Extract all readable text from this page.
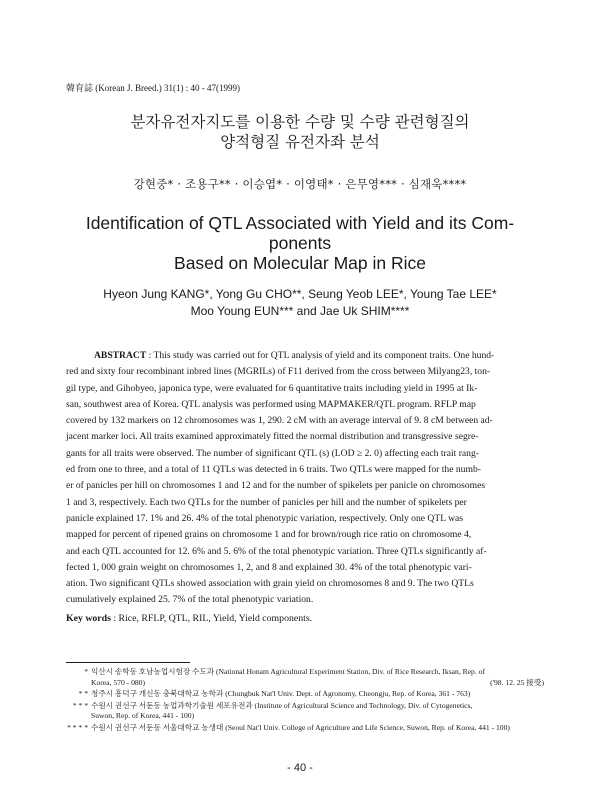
韓育誌 (Korean J. Breed.) 31(1) : 40 - 47(1999)
분자유전자지도를 이용한 수량 및 수량 관련형질의
양적형질 유전자좌 분석
강현중* · 조용구** · 이승엽* · 이영태* · 은무영*** · 심재욱****
Identification of QTL Associated with Yield and its Com-
ponents
Based on Molecular Map in Rice
Hyeon Jung KANG*, Yong Gu CHO**, Seung Yeob LEE*, Young Tae LEE*
Moo Young EUN*** and Jae Uk SHIM****
ABSTRACT : This study was carried out for QTL analysis of yield and its component traits. One hund-
red and sixty four recombinant inbred lines (MGRILs) of F11 derived from the cross between Milyang23, ton-
gil type, and Gihobyeo, japonica type, were evaluated for 6 quantitative traits including yield in 1995 at Ik-
san, southwest area of Korea. QTL analysis was performed using MAPMAKER/QTL program. RFLP map
covered by 132 markers on 12 chromosomes was 1, 290. 2 cM with an average interval of 9. 8 cM between ad-
jacent marker loci. All traits examined approximately fitted the normal distribution and transgressive segre-
gants for all traits were observed. The number of significant QTL (s) (LOD ≥ 2. 0) affecting each trait rang-
ed from one to three, and a total of 11 QTLs was detected in 6 traits. Two QTLs were mapped for the numb-
er of panicles per hill on chromosomes 1 and 12 and for the number of spikelets per panicle on chromosomes
1 and 3, respectively. Each two QTLs for the number of panicles per hill and the number of spikelets per
panicle explained 17. 1% and 26. 4% of the total phenotypic variation, respectively. Only one QTL was
mapped for percent of ripened grains on chromosome 1 and for brown/rough rice ratio on chromosome 4,
and each QTL accounted for 12. 6% and 5. 6% of the total phenotypic variation. Three QTLs significantly af-
fected 1, 000 grain weight on chromosomes 1, 2, and 8 and explained 30. 4% of the total phenotypic vari-
ation. Two significant QTLs showed association with grain yield on chromosomes 8 and 9. The two QTLs
cumulatively explained 25. 7% of the total phenotypic variation.
Key words : Rice, RFLP, QTL, RIL, Yield, Yield components.
* 익산시 송학동 호남농업시험장 수도과 (National Honam Agricultural Experiment Station, Div. of Rice Research, Iksan, Rep. of
Korea, 570 - 080)	('98. 12. 25 接受)
* * 청주시 흥덕구 개신동 충북대학교 농학과 (Chungbuk Nat'l Univ. Dept. of Agronomy, Cheongju, Rep. of Korea, 361 - 763)
* * * 수원시 권선구 서둔동 농업과학기술원 세포유전과 (Institute of Agricultural Science and Technology, Div. of Cytogenetics,
Suwon, Rep. of Korea, 441 - 100)
* * * * 수원시 권선구 서둔동 서울대학교 농생대 (Seoul Nat'l Univ. College of Agriculture and Life Science, Suwon, Rep. of Korea, 441 - 100)
- 40 -
